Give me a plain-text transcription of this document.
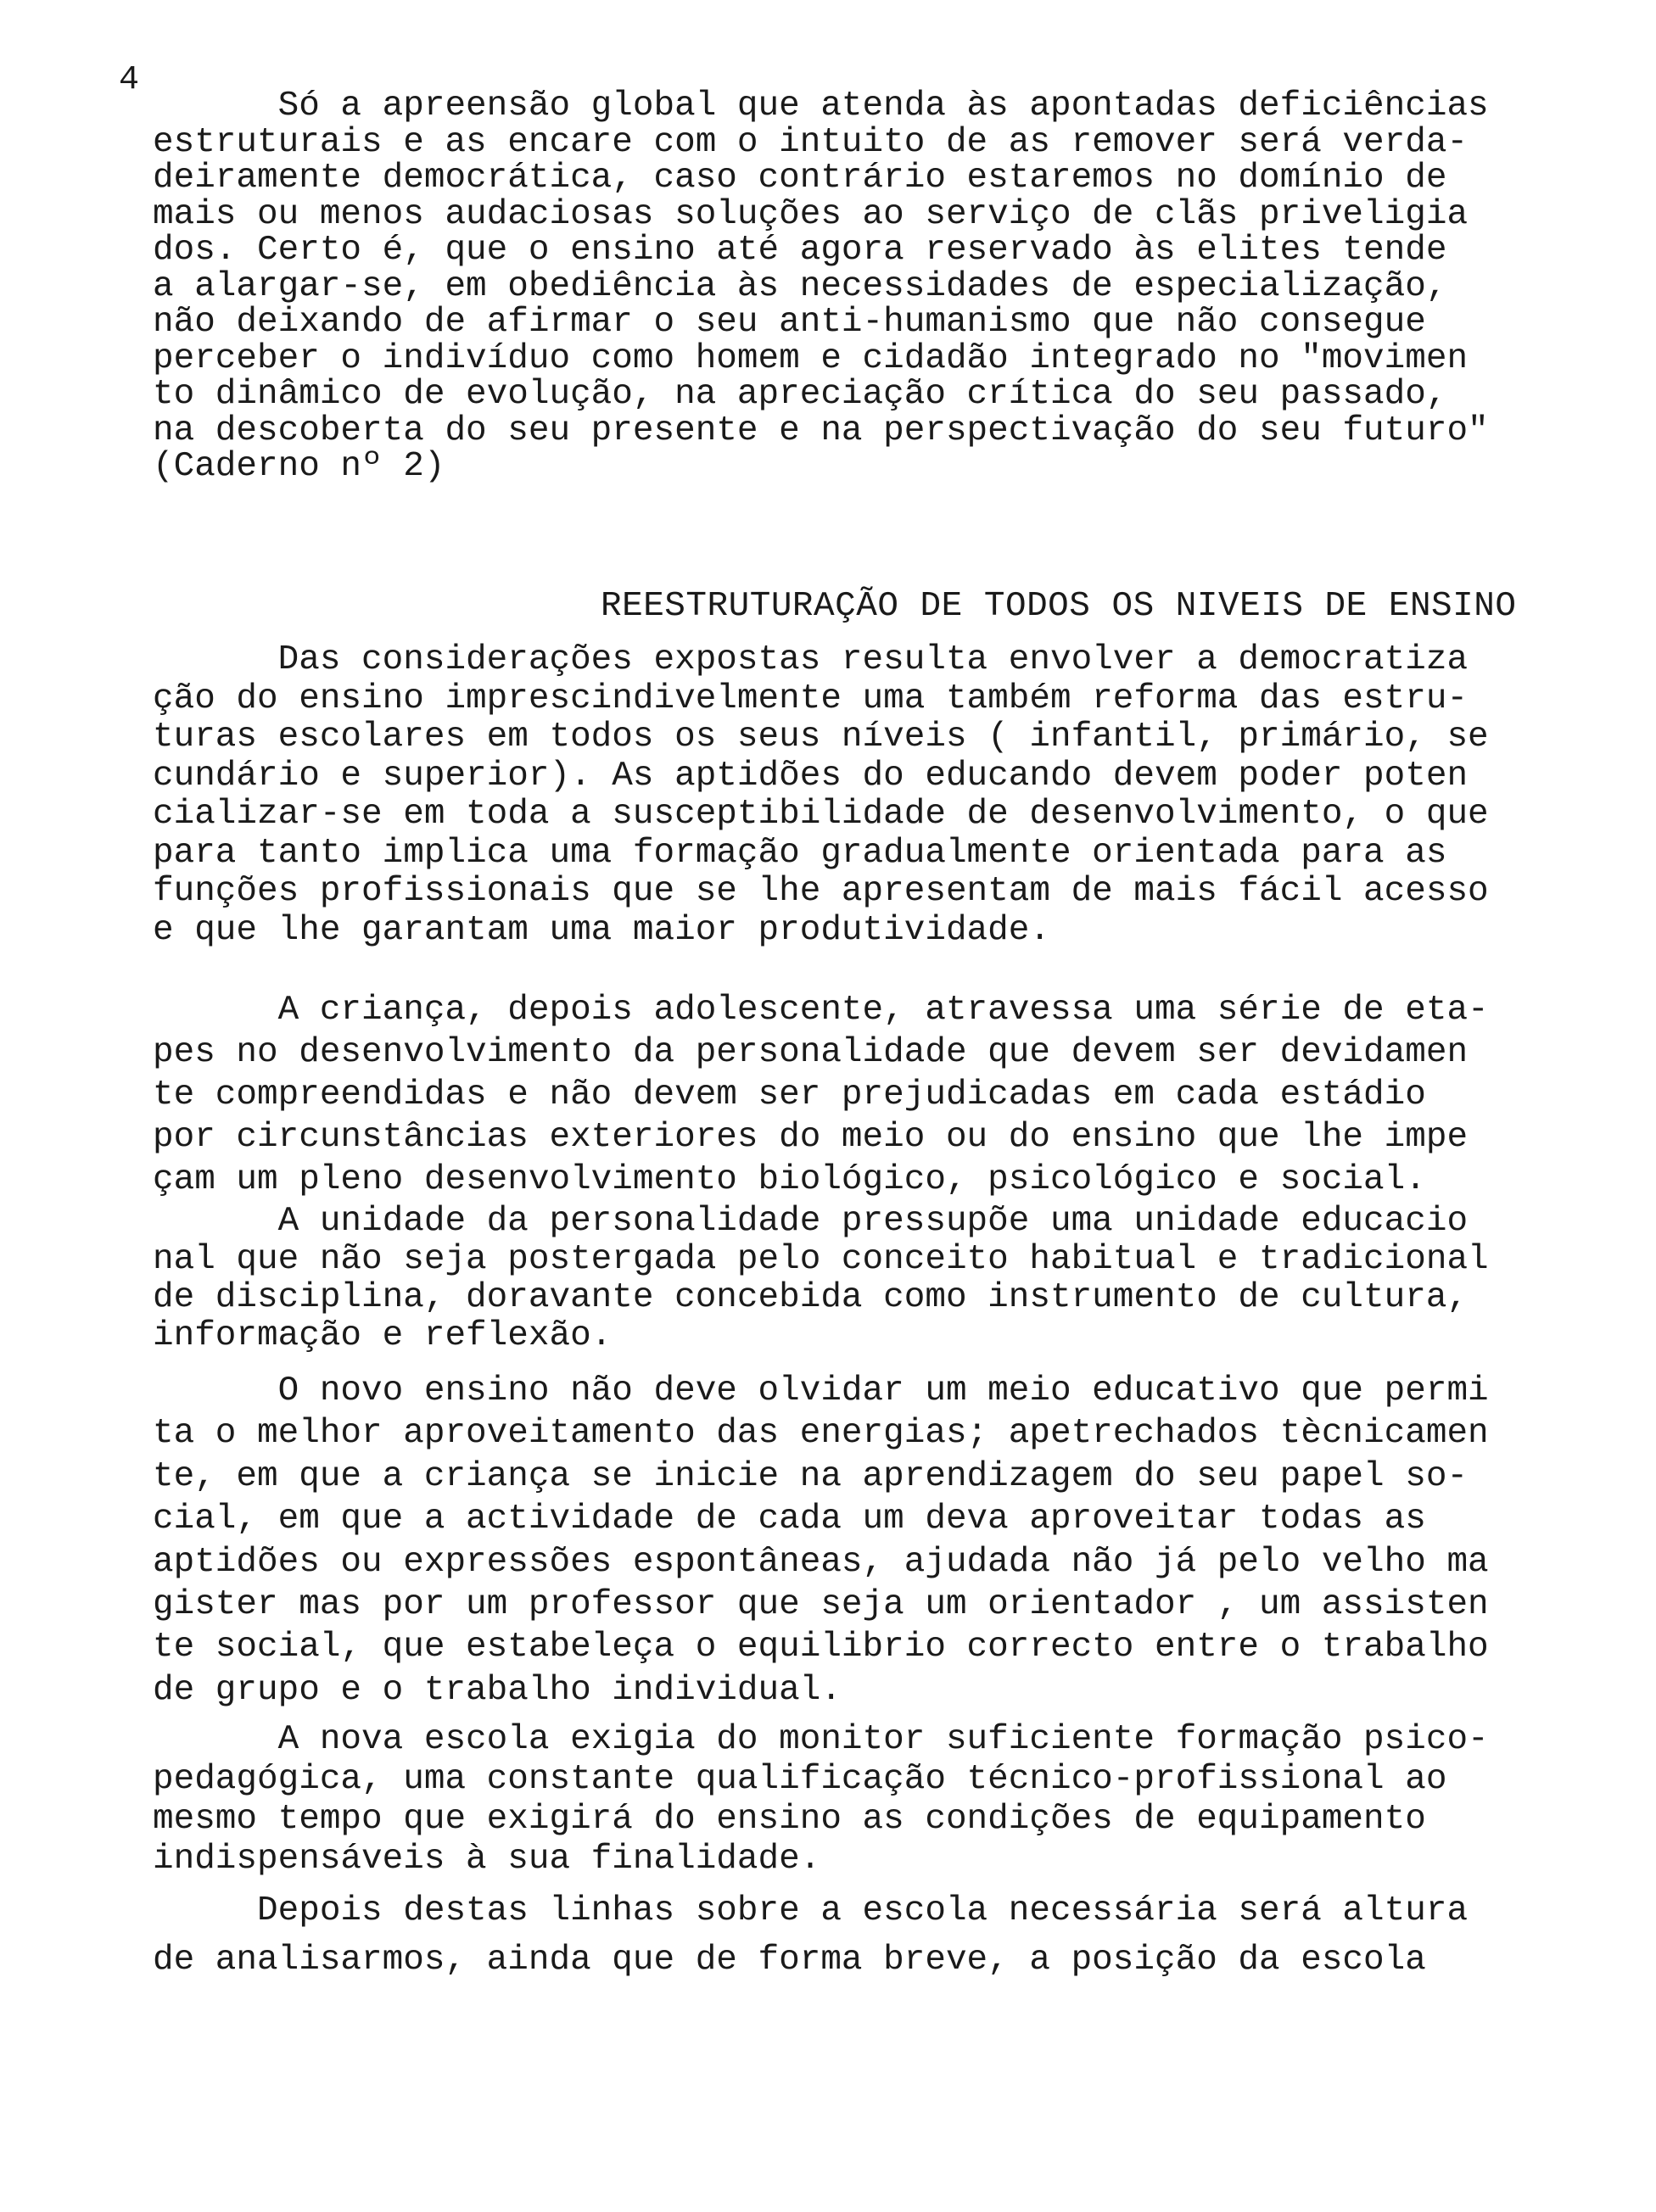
4
REESTRUTURAÇÃO DE TODOS OS NIVEIS DE ENSINO
Só a apreensão global que atenda às apontadas deficiências
estruturais e as encare com o intuito de as remover será verda-
deiramente democrática, caso contrário estaremos no domínio de
mais ou menos audaciosas soluções ao serviço de clãs priveligia
dos. Certo é, que o ensino até agora reservado às elites tende
a alargar-se, em obediência às necessidades de especialização,
não deixando de afirmar o seu anti-humanismo que não consegue
perceber o indivíduo como homem e cidadão integrado no "movimen
to dinâmico de evolução, na apreciação crítica do seu passado,
na descoberta do seu presente e na perspectivação do seu futuro"
(Caderno nº 2)
Das considerações expostas resulta envolver a democratiza
ção do ensino imprescindivelmente uma também reforma das estru-
turas escolares em todos os seus níveis ( infantil, primário, se
cundário e superior). As aptidões do educando devem poder poten
cializar-se em toda a susceptibilidade de desenvolvimento, o que
para tanto implica uma formação gradualmente orientada para as
funções profissionais que se lhe apresentam de mais fácil acesso
e que lhe garantam uma maior produtividade.
A criança, depois adolescente, atravessa uma série de eta-
pes no desenvolvimento da personalidade que devem ser devidamen
te compreendidas e não devem ser prejudicadas em cada estádio
por circunstâncias exteriores do meio ou do ensino que lhe impe
çam um pleno desenvolvimento biológico, psicológico e social.
A unidade da personalidade pressupõe uma unidade educacio
nal que não seja postergada pelo conceito habitual e tradicional
de disciplina, doravante concebida como instrumento de cultura,
informação e reflexão.
O novo ensino não deve olvidar um meio educativo que permi
ta o melhor aproveitamento das energias; apetrechados tècnicamen
te, em que a criança se inicie na aprendizagem do seu papel so-
cial, em que a actividade de cada um deva aproveitar todas as
aptidões ou expressões espontâneas, ajudada não já pelo velho ma
gister mas por um professor que seja um orientador , um assisten
te social, que estabeleça o equilibrio correcto entre o trabalho
de grupo e o trabalho individual.
A nova escola exigia do monitor suficiente formação psico-
pedagógica, uma constante qualificação técnico-profissional ao
mesmo tempo que exigirá do ensino as condições de equipamento
indispensáveis à sua finalidade.
Depois destas linhas sobre a escola necessária será altura
de analisarmos, ainda que de forma breve, a posição da escola
